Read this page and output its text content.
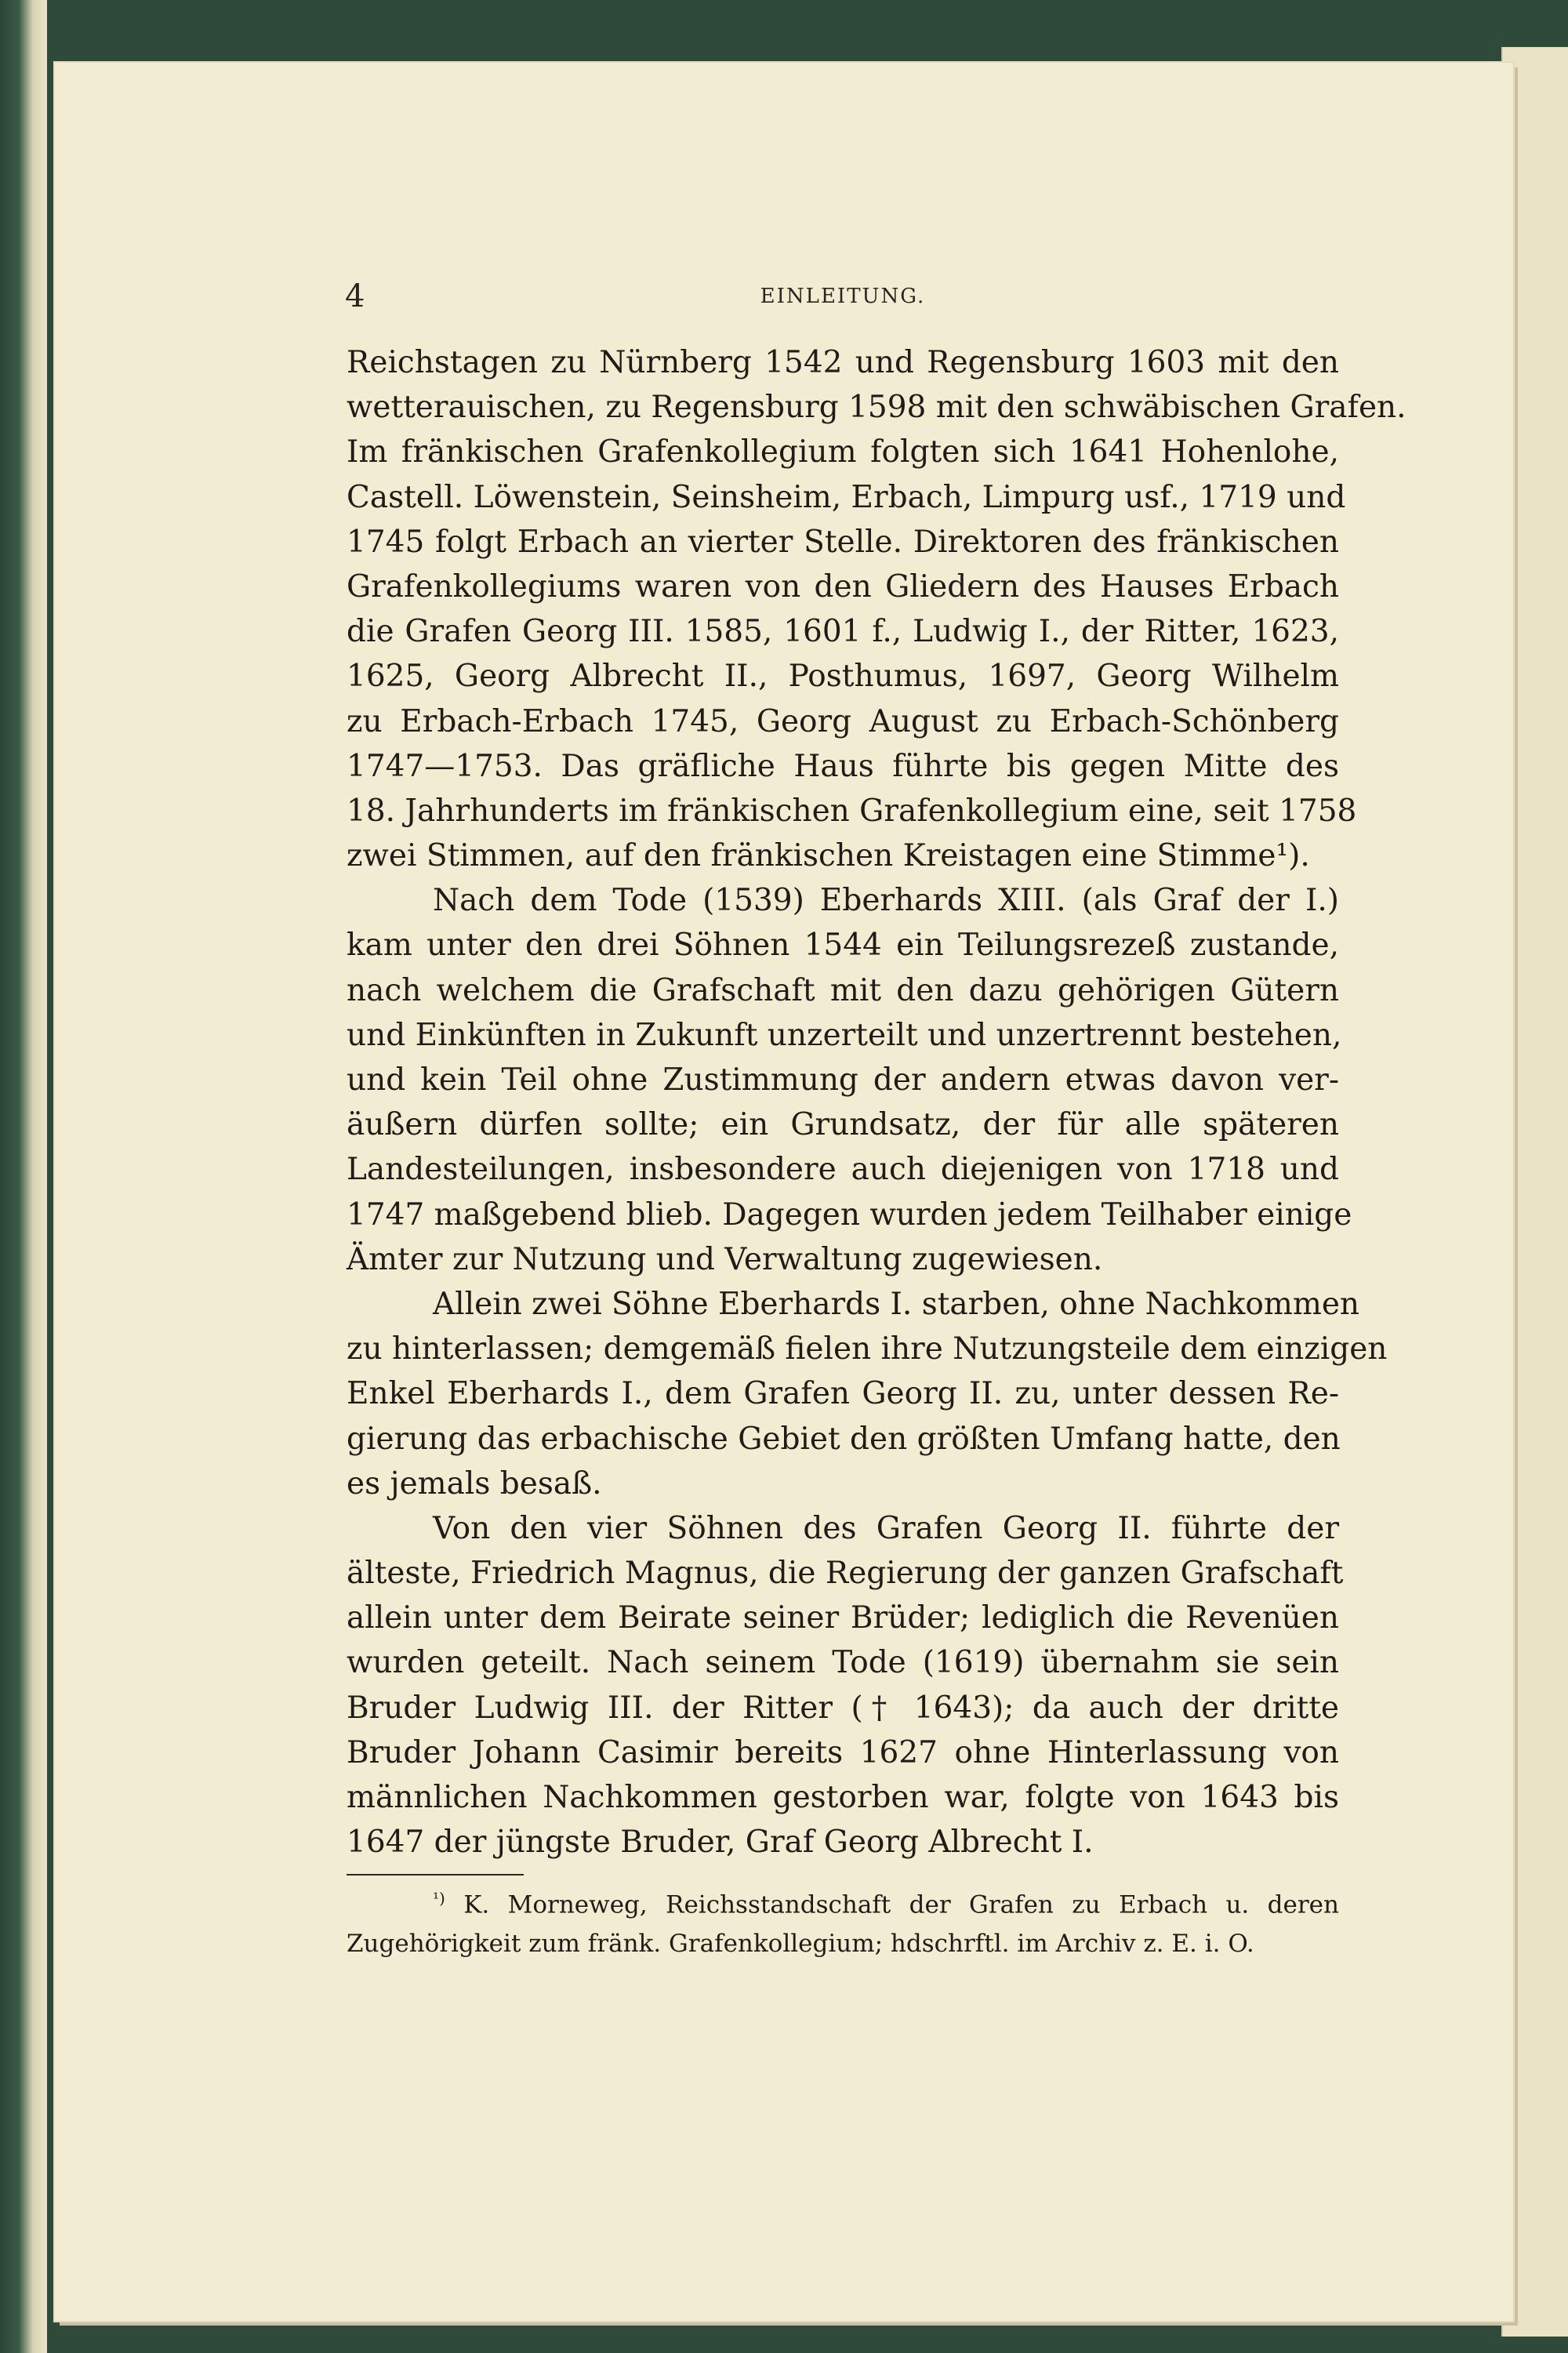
4	EINLEITUNG.
Reichstagen zu Nürnberg 1542 und Regensburg 1603 mit den
wetterauischen, zu Regensburg 1598 mit den schwäbischen Grafen.
Im fränkischen Grafenkollegium folgten sich 1641 Hohenlohe,
Castell. Löwenstein, Seinsheim, Erbach, Limpurg usf., 1719 und
1745 folgt Erbach an vierter Stelle. Direktoren des fränkischen
Grafenkollegiums waren von den Gliedern des Hauses Erbach
die Grafen Georg III. 1585, 1601 f., Ludwig I., der Ritter, 1623,
1625, Georg Albrecht II., Posthumus, 1697, Georg Wilhelm
zu Erbach-Erbach 1745, Georg August zu Erbach-Schönberg
1747—1753. Das gräfliche Haus führte bis gegen Mitte des
18. Jahrhunderts im fränkischen Grafenkollegium eine, seit 1758
zwei Stimmen, auf den fränkischen Kreistagen eine Stimme¹).
Nach dem Tode (1539) Eberhards XIII. (als Graf der I.)
kam unter den drei Söhnen 1544 ein Teilungsrezeß zustande,
nach welchem die Grafschaft mit den dazu gehörigen Gütern
und Einkünften in Zukunft unzerteilt und unzertrennt bestehen,
und kein Teil ohne Zustimmung der andern etwas davon ver-
äußern dürfen sollte; ein Grundsatz, der für alle späteren
Landesteilungen, insbesondere auch diejenigen von 1718 und
1747 maßgebend blieb. Dagegen wurden jedem Teilhaber einige
Ämter zur Nutzung und Verwaltung zugewiesen.
Allein zwei Söhne Eberhards I. starben, ohne Nachkommen
zu hinterlassen; demgemäß fielen ihre Nutzungsteile dem einzigen
Enkel Eberhards I., dem Grafen Georg II. zu, unter dessen Re-
gierung das erbachische Gebiet den größten Umfang hatte, den
es jemals besaß.
Von den vier Söhnen des Grafen Georg II. führte der
älteste, Friedrich Magnus, die Regierung der ganzen Grafschaft
allein unter dem Beirate seiner Brüder; lediglich die Revenüen
wurden geteilt. Nach seinem Tode (1619) übernahm sie sein
Bruder Ludwig III. der Ritter († 1643); da auch der dritte
Bruder Johann Casimir bereits 1627 ohne Hinterlassung von
männlichen Nachkommen gestorben war, folgte von 1643 bis
1647 der jüngste Bruder, Graf Georg Albrecht I.
$^{^1)}$ K. Morneweg, Reichsstandschaft der Grafen zu Erbach u. deren
Zugehörigkeit zum fränk. Grafenkollegium; hdschrftl. im Archiv z. E. i. O.
